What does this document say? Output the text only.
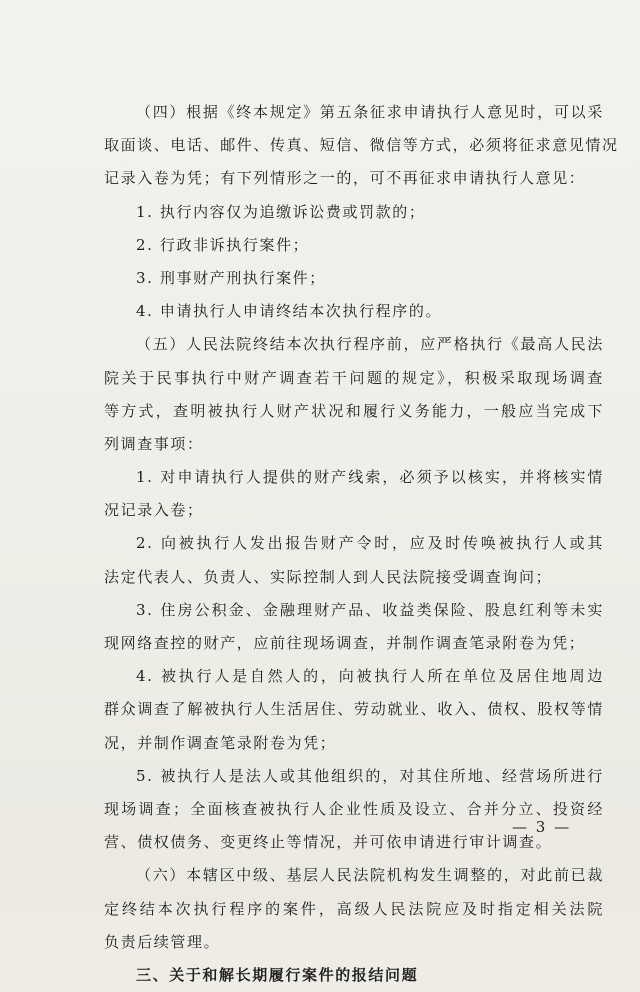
（四）根据《终本规定》第五条征求申请执行人意见时，可以采
取面谈、电话、邮件、传真、短信、微信等方式，必须将征求意见情况
记录入卷为凭；有下列情形之一的，可不再征求申请执行人意见：
1. 执行内容仅为追缴诉讼费或罚款的；
2. 行政非诉执行案件；
3. 刑事财产刑执行案件；
4. 申请执行人申请终结本次执行程序的。
（五）人民法院终结本次执行程序前，应严格执行《最高人民法
院关于民事执行中财产调查若干问题的规定》，积极采取现场调查
等方式，查明被执行人财产状况和履行义务能力，一般应当完成下
列调查事项：
1. 对申请执行人提供的财产线索，必须予以核实，并将核实情
况记录入卷；
2. 向被执行人发出报告财产令时，应及时传唤被执行人或其
法定代表人、负责人、实际控制人到人民法院接受调查询问；
3. 住房公积金、金融理财产品、收益类保险、股息红利等未实
现网络查控的财产，应前往现场调查，并制作调查笔录附卷为凭；
4. 被执行人是自然人的，向被执行人所在单位及居住地周边
群众调查了解被执行人生活居住、劳动就业、收入、债权、股权等情
况，并制作调查笔录附卷为凭；
5. 被执行人是法人或其他组织的，对其住所地、经营场所进行
现场调查；全面核查被执行人企业性质及设立、合并分立、投资经
营、债权债务、变更终止等情况，并可依申请进行审计调查。
（六）本辖区中级、基层人民法院机构发生调整的，对此前已裁
定终结本次执行程序的案件，高级人民法院应及时指定相关法院
负责后续管理。
三、关于和解长期履行案件的报结问题
— 3 —
